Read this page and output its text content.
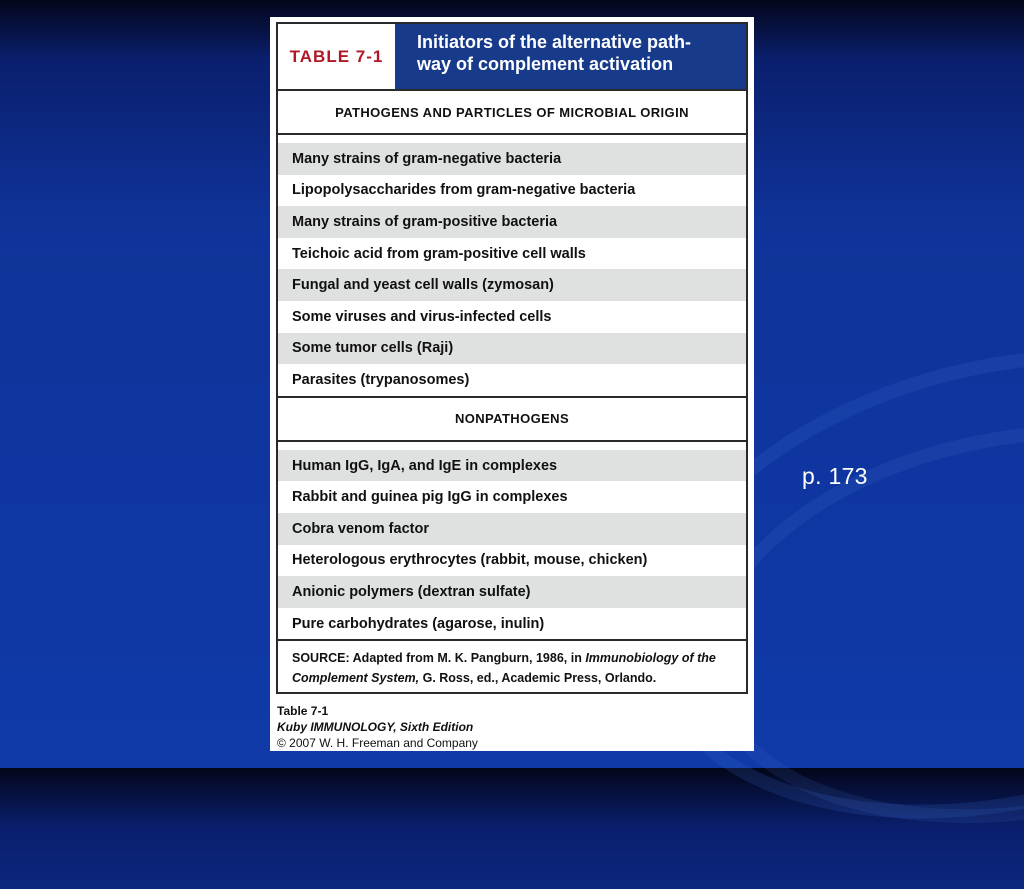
TABLE 7-1
Initiators of the alternative path-
way of complement activation
PATHOGENS AND PARTICLES OF MICROBIAL ORIGIN
Many strains of gram-negative bacteria
Lipopolysaccharides from gram-negative bacteria
Many strains of gram-positive bacteria
Teichoic acid from gram-positive cell walls
Fungal and yeast cell walls (zymosan)
Some viruses and virus-infected cells
Some tumor cells (Raji)
Parasites (trypanosomes)
NONPATHOGENS
Human IgG, IgA, and IgE in complexes
Rabbit and guinea pig IgG in complexes
Cobra venom factor
Heterologous erythrocytes (rabbit, mouse, chicken)
Anionic polymers (dextran sulfate)
Pure carbohydrates (agarose, inulin)
SOURCE: Adapted from M. K. Pangburn, 1986, in Immunobiology of the Complement System, G. Ross, ed., Academic Press, Orlando.
Table 7-1
Kuby IMMUNOLOGY, Sixth Edition
© 2007 W. H. Freeman and Company
p. 173
